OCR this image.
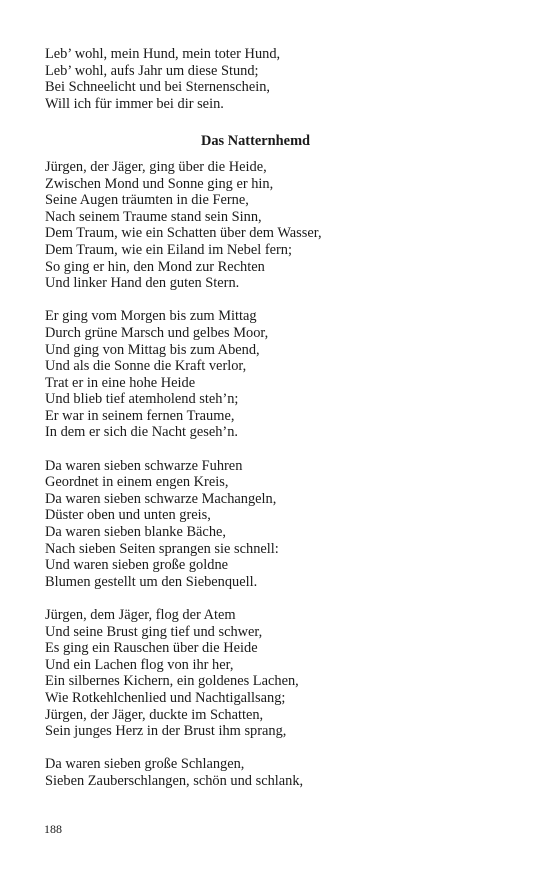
Leb’ wohl, mein Hund, mein toter Hund,
Leb’ wohl, aufs Jahr um diese Stund;
Bei Schneelicht und bei Sternenschein,
Will ich für immer bei dir sein.
Das Natternhemd
Jürgen, der Jäger, ging über die Heide,
Zwischen Mond und Sonne ging er hin,
Seine Augen träumten in die Ferne,
Nach seinem Traume stand sein Sinn,
Dem Traum, wie ein Schatten über dem Wasser,
Dem Traum, wie ein Eiland im Nebel fern;
So ging er hin, den Mond zur Rechten
Und linker Hand den guten Stern.
Er ging vom Morgen bis zum Mittag
Durch grüne Marsch und gelbes Moor,
Und ging von Mittag bis zum Abend,
Und als die Sonne die Kraft verlor,
Trat er in eine hohe Heide
Und blieb tief atemholend steh’n;
Er war in seinem fernen Traume,
In dem er sich die Nacht geseh’n.
Da waren sieben schwarze Fuhren
Geordnet in einem engen Kreis,
Da waren sieben schwarze Machangeln,
Düster oben und unten greis,
Da waren sieben blanke Bäche,
Nach sieben Seiten sprangen sie schnell:
Und waren sieben große goldne
Blumen gestellt um den Siebenquell.
Jürgen, dem Jäger, flog der Atem
Und seine Brust ging tief und schwer,
Es ging ein Rauschen über die Heide
Und ein Lachen flog von ihr her,
Ein silbernes Kichern, ein goldenes Lachen,
Wie Rotkehlchenlied und Nachtigallsang;
Jürgen, der Jäger, duckte im Schatten,
Sein junges Herz in der Brust ihm sprang,
Da waren sieben große Schlangen,
Sieben Zauberschlangen, schön und schlank,
188
